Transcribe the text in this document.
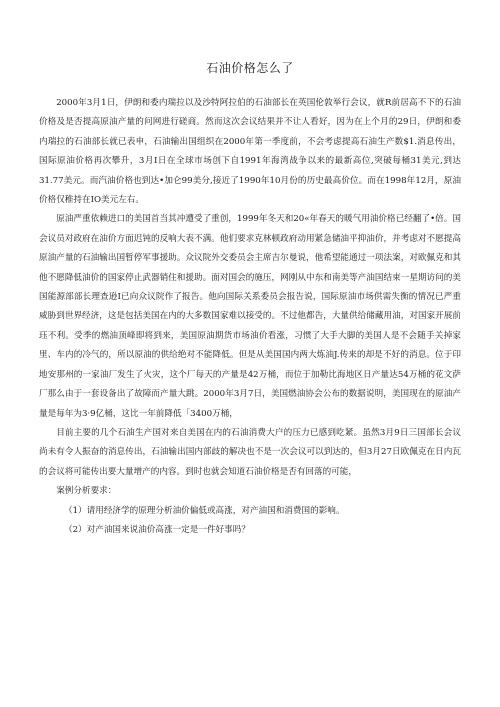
石油价格怎么了

2000年3月1日，伊朗和委内瑞拉以及沙特阿拉伯的石油部长在英国伦敦举行会议，就R前居高不下的石油价格及是否提高原油产量的问网进行磋商。然而这次会议结果并不让人看好，因为在上个月的29日，伊朗和委内瑞拉的石油部长就已表申，石油输出国组织在2000年第一季度前，不会考虑提高石油生产数$1.消息传出，国际原油价格再次攀升，3月I日在全球市场创下自1991年海湾战争以来的最新高位,突破每桶31美元,到达31.77美元。而汽油价格也到达•加仑99美分,接近了1990年10月份的历史最高价位。而在1998年12月，原油价格仅稚持在IO美元左右。

原油严重依赖进口的美国首当其冲遭受了重创，1999年冬天和20«年春天的暖气用油价格已经翻了•倍。国会议员对政府在油价方面迟钝的反响大表不满。他们要求克林顿政府动用紧急储油平抑油价，并考虑对不愿提高原油产量的石油输出国暂停军事援助。众议院外交委员会主席吉尔曼说，他希望能通过一项法案，对欧佩克和其他不愿降低油价的国家停止武器销住和援助。面对国会的施压，网刚从中东和南美等产油国结束一星期访问的美国能源部部长理查逊I已向众议院作了报告。他向国际关系委员会报告说，国际原油市场供需失衡的情况已严重威胁到世界经济，这是包括美国在内的大多数国家难以接受的。不过他都告，大量供给储藏用油，对国家开展前珏不利。受季的燃油顶峰即将到来，美国原油期货市场油价看涨，习惯了大手大脚的美国人是不会随手关掉家里、车内的冷气的，所以原油的供给绝对不能降低。但是从美国国内两大炼油J.传来的却是不好的消息。位于印地安那州的一家油厂发生了火灾，这个厂每天的产量是42万桶，而位于加勒比海地区日产量达54万桶的花文萨厂那么由于一套设备出了故障而产量大跳。2000年3月7日，美国燃油协会公布的数据说明，美国现在的原油产量是每年为3·9亿桶，这比一年前降低「3400万桶，

目前主要的几个石油生产国对来自美国在内的石油消费大户的压力已感到吃紧。虽然3月9日三国部长会议尚未有令人振奋的消息传出，石油输出国内部歧的解决也不是一次会议可以到达的，但3月27日欧佩克在日内瓦的会议将可能传出要大量增产的内容。到时也就会知道石油价格是否有回落的可能，

案例分析要求：

（1）请用经济学的原理分析油价偏低或高涨，对产油国和消费国的影响。

（2）对产油国来说油价高涨一定是一件好事吗？
